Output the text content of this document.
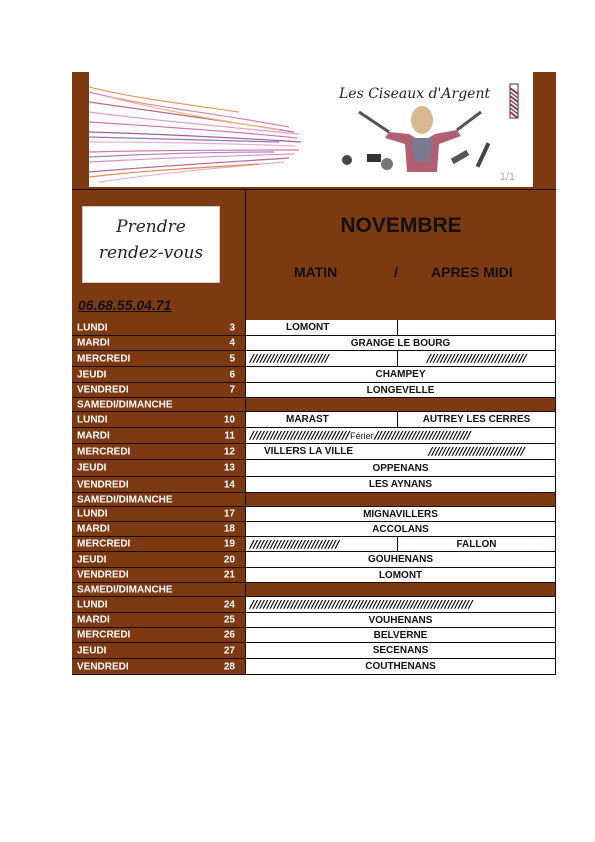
Les Ciseaux d'Argent
1/1
Prendre
rendez-vous
06.68.55.04.71
NOVEMBRE
MATIN	/ APRES MIDI
LUNDI	3	LOMONT
MARDI	4	GRANGE LE BOURG
MERCREDI	5 ///////////////////////	/////////////////////////////
JEUDI	6	CHAMPEY
VENDREDI	7	LONGEVELLE
SAMEDI/DIMANCHE
LUNDI	10	MARAST	AUTREY LES CERRES
MARDI	11 ///////////////////////////// Férier ////////////////////////////
MERCREDI	12	VILLERS LA VILLE	////////////////////////////
JEUDI	13	OPPENANS
VENDREDI	14	LES AYNANS
SAMEDI/DIMANCHE
LUNDI	17	MIGNAVILLERS
MARDI	18	ACCOLANS
MERCREDI	19 //////////////////////////	FALLON
JEUDI	20	GOUHENANS
VENDREDI	21	LOMONT
SAMEDI/DIMANCHE
LUNDI	24 /////////////////////////////////////////////////////////////////
MARDI	25	VOUHENANS
MERCREDI	26	BELVERNE
JEUDI	27	SECENANS
VENDREDI	28	COUTHENANS
